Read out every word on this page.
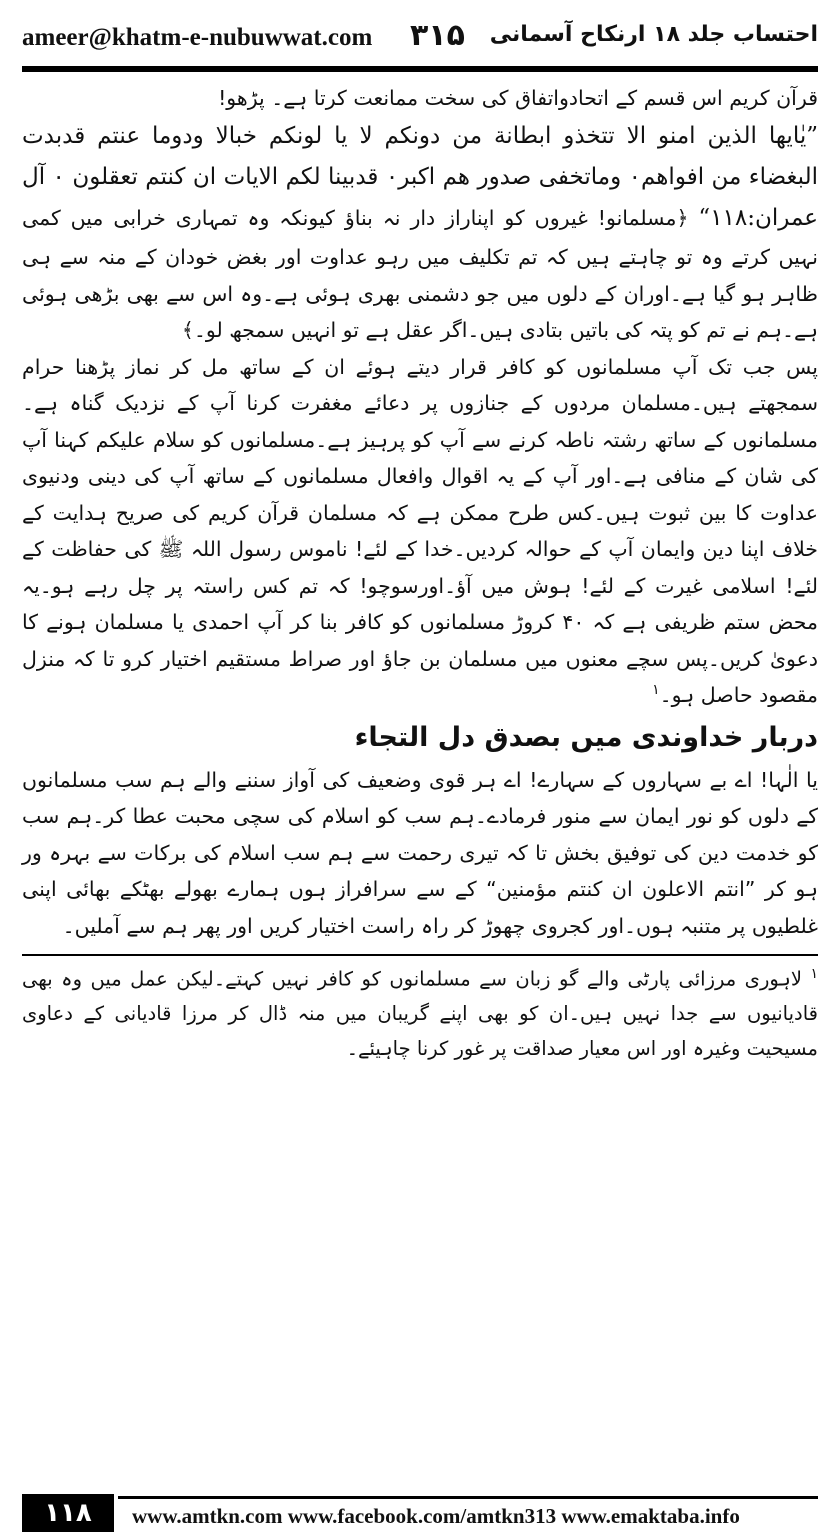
ameer@khatm-e-nubuwwat.com ۳۱۵ احتساب جلد ۱۸ ارنکاح آسمانی

قرآن کریم اس قسم کے اتحادواتفاق کی سخت ممانعت کرتا ہے۔ پڑھو!

”یٰایھا الذین امنو الا تتخذو ابطانة من دونکم لا یا لونکم خبالا ودوما عنتم قدبدت البغضاء من افواھم۰ وماتخفی صدور ھم اکبر۰ قدبینا لکم الایات ان کنتم تعقلون ۰ آل عمران:۱۱۸“ ﴿مسلمانو! غیروں کو اپناراز دار نہ بناؤ کیونکہ وہ تمہاری خرابی میں کمی نہیں کرتے وہ تو چاہتے ہیں کہ تم تکلیف میں رہو عداوت اور بغض خودان کے منہ سے ہی ظاہر ہو گیا ہے۔اوران کے دلوں میں جو دشمنی بھری ہوئی ہے۔وہ اس سے بھی بڑھی ہوئی ہے۔ہم نے تم کو پتہ کی باتیں بتادی ہیں۔اگر عقل ہے تو انہیں سمجھ لو۔﴾

پس جب تک آپ مسلمانوں کو کافر قرار دیتے ہوئے ان کے ساتھ مل کر نماز پڑھنا حرام سمجھتے ہیں۔مسلمان مردوں کے جنازوں پر دعائے مغفرت کرنا آپ کے نزدیک گناہ ہے۔ مسلمانوں کے ساتھ رشتہ ناطہ کرنے سے آپ کو پرہیز ہے۔مسلمانوں کو سلام علیکم کہنا آپ کی شان کے منافی ہے۔اور آپ کے یہ اقوال وافعال مسلمانوں کے ساتھ آپ کی دینی ودنیوی عداوت کا بین ثبوت ہیں۔کس طرح ممکن ہے کہ مسلمان قرآن کریم کی صریح ہدایت کے خلاف اپنا دین وایمان آپ کے حوالہ کردیں۔خدا کے لئے! ناموس رسول اللہ ﷺ کی حفاظت کے لئے! اسلامی غیرت کے لئے! ہوش میں آؤ۔اورسوچو! کہ تم کس راستہ پر چل رہے ہو۔یہ محض ستم ظریفی ہے کہ ۴۰ کروڑ مسلمانوں کو کافر بنا کر آپ احمدی یا مسلمان ہونے کا دعویٰ کریں۔پس سچے معنوں میں مسلمان بن جاؤ اور صراط مستقیم اختیار کرو تا کہ منزل مقصود حاصل ہو۔$^۱$

دربار خداوندی میں بصدق دل التجاء

یا الٰہا! اے بے سہاروں کے سہارے! اے ہر قوی وضعیف کی آواز سننے والے ہم سب مسلمانوں کے دلوں کو نور ایمان سے منور فرمادے۔ہم سب کو اسلام کی سچی محبت عطا کر۔ہم سب کو خدمت دین کی توفیق بخش تا کہ تیری رحمت سے ہم سب اسلام کی برکات سے بہرہ ور ہو کر ”انتم الاعلون ان کنتم مؤمنین“ کے سے سرافراز ہوں ہمارے بھولے بھٹکے بھائی اپنی غلطیوں پر متنبہ ہوں۔اور کجروی چھوڑ کر راہ راست اختیار کریں اور پھر ہم سے آملیں۔

$^۱$ لاہوری مرزائی پارٹی والے گو زبان سے مسلمانوں کو کافر نہیں کہتے۔لیکن عمل میں وہ بھی قادیانیوں سے جدا نہیں ہیں۔ان کو بھی اپنے گریبان میں منہ ڈال کر مرزا قادیانی کے دعاوی مسیحیت وغیرہ اور اس معیار صداقت پر غور کرنا چاہیئے۔

۱۱۸	www.amtkn.com www.facebook.com/amtkn313 www.emaktaba.info
